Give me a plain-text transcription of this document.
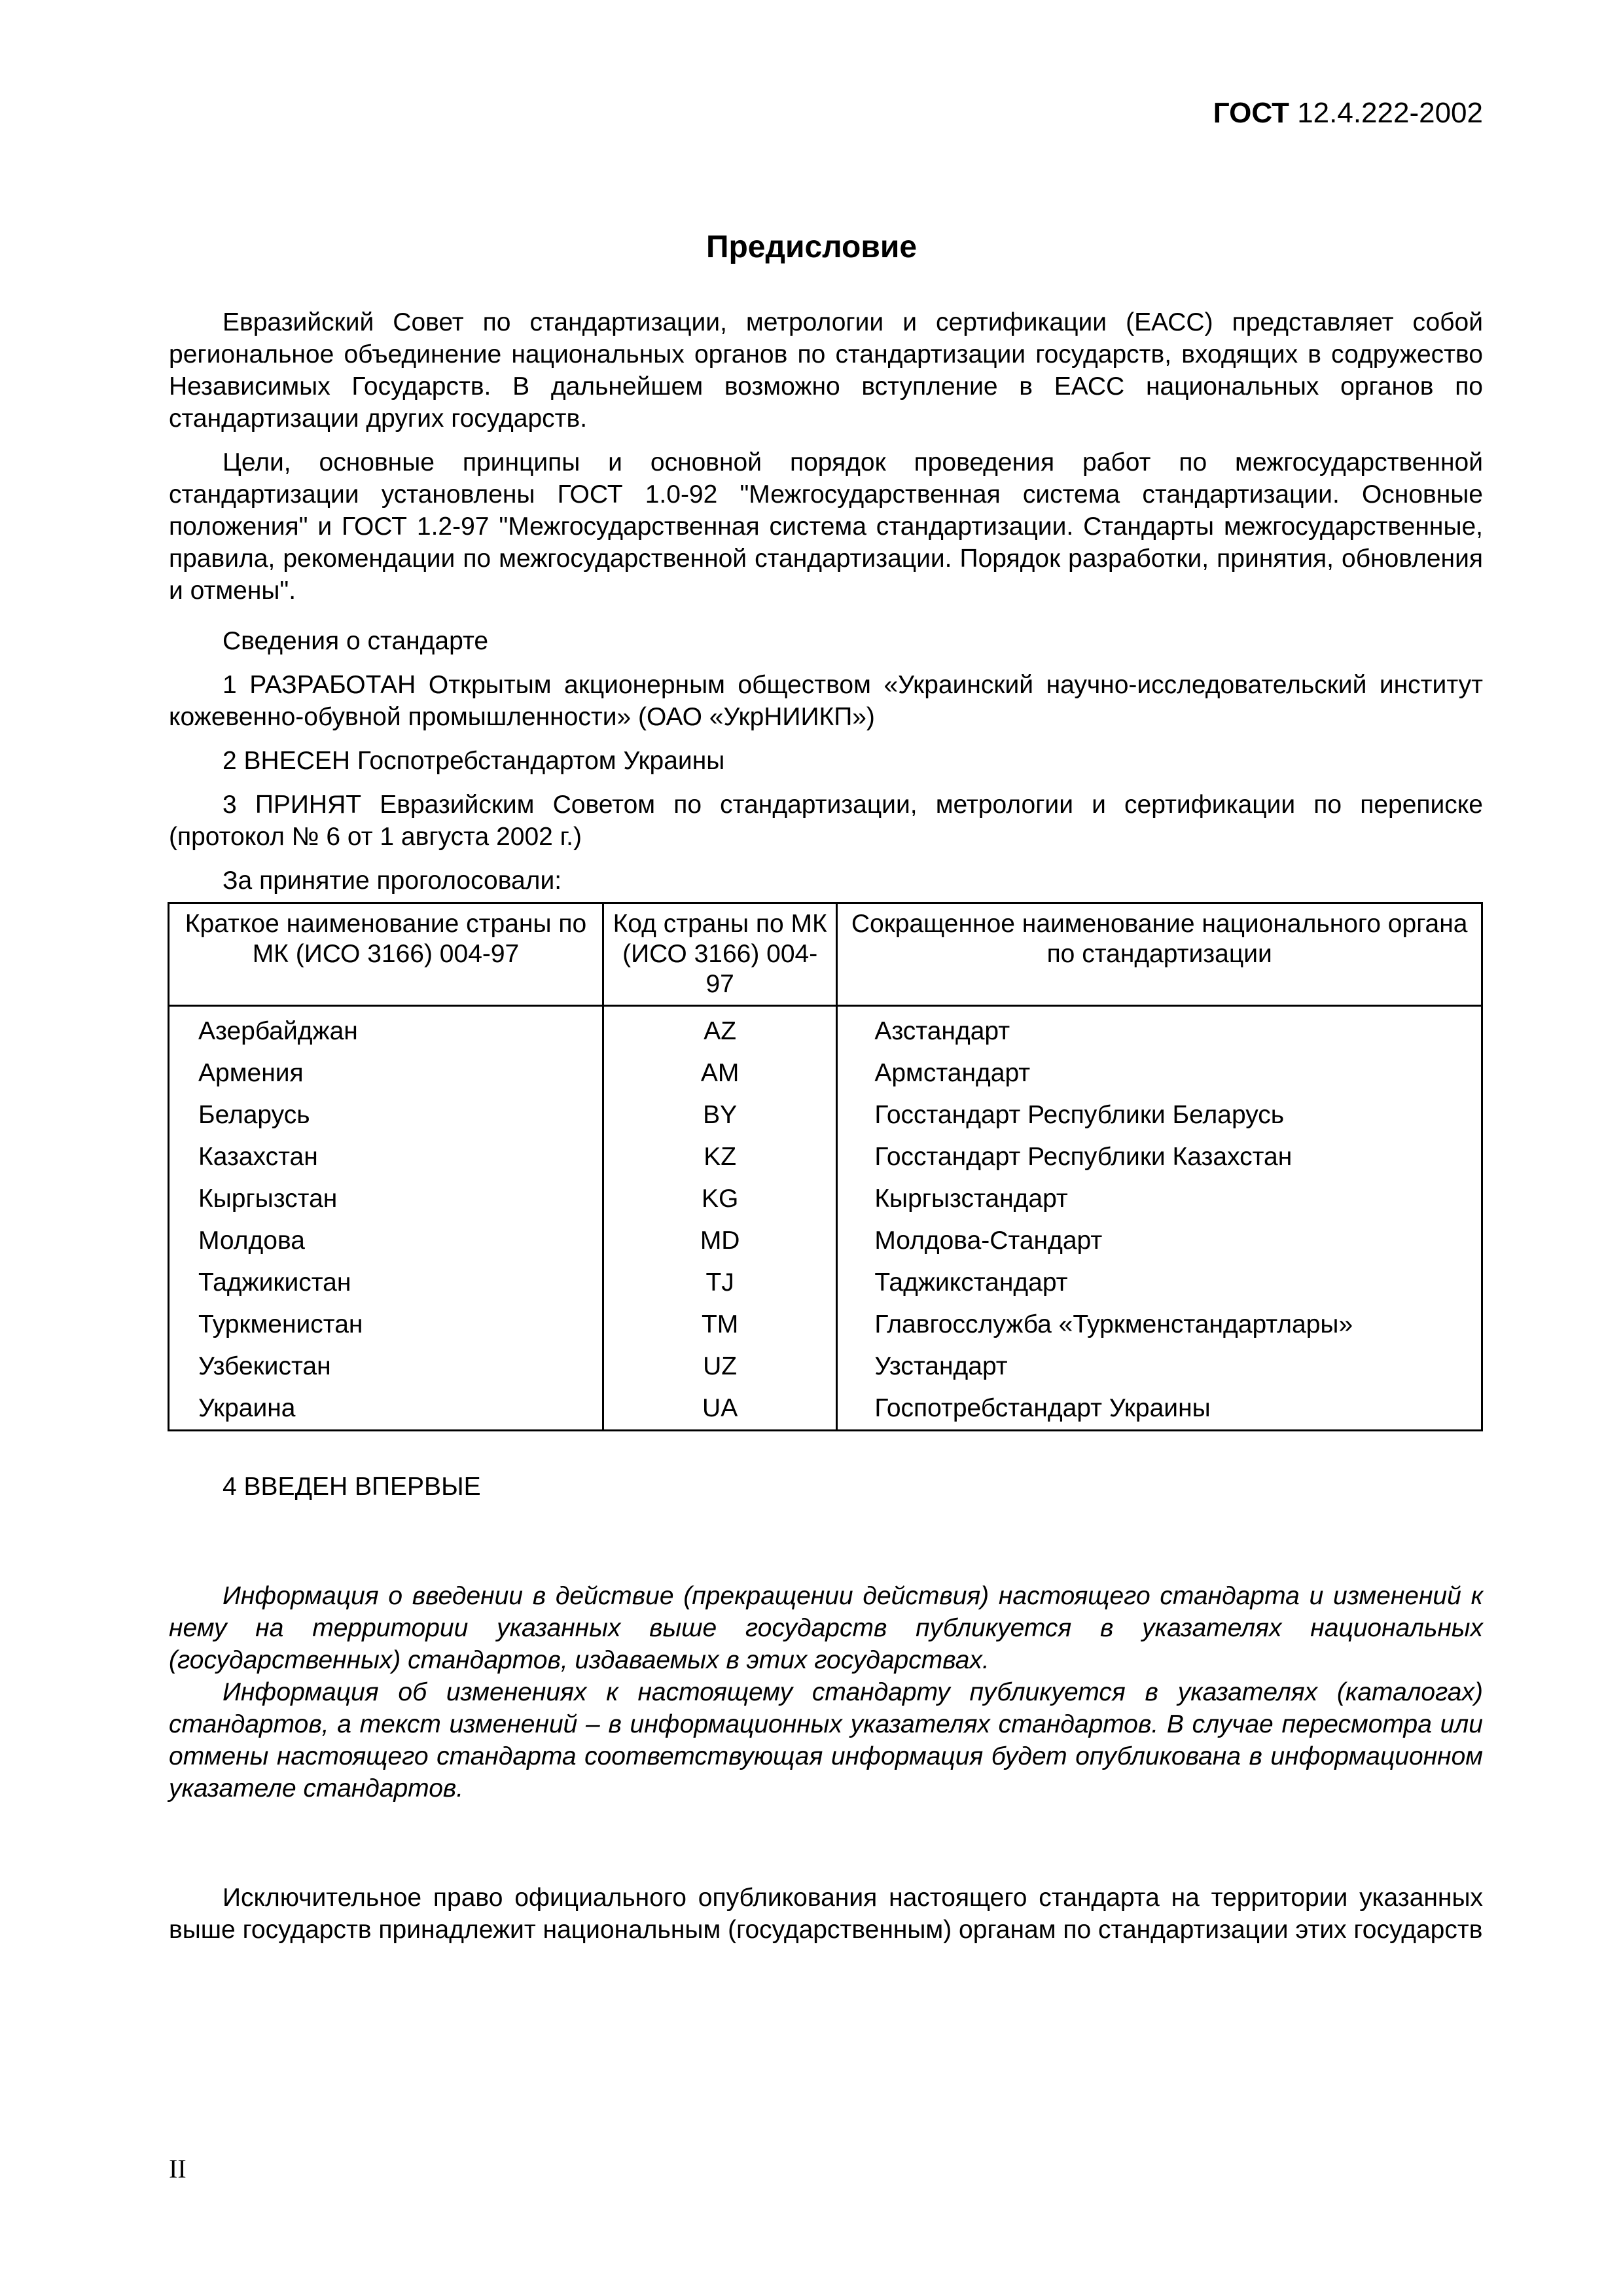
ГОСТ 12.4.222-2002
Предисловие

Евразийский Совет по стандартизации, метрологии и сертификации (ЕАСС) представляет собой региональное объединение национальных органов по стандартизации государств, входящих в содружество Независимых Государств. В дальнейшем возможно вступление в ЕАСС национальных органов по стандартизации других государств.

Цели, основные принципы и основной порядок проведения работ по межгосударственной стандартизации установлены ГОСТ 1.0-92 "Межгосударственная система стандартизации. Основные положения" и ГОСТ 1.2-97 "Межгосударственная система стандартизации. Стандарты межгосударственные, правила, рекомендации по межгосударственной стандартизации. Порядок разработки, принятия, обновления и отмены".

Сведения о стандарте

1 РАЗРАБОТАН Открытым акционерным обществом «Украинский научно-исследовательский институт кожевенно-обувной промышленности» (ОАО «УкрНИИКП»)

2 ВНЕСЕН Госпотребстандартом Украины

3 ПРИНЯТ Евразийским Советом по стандартизации, метрологии и сертификации по переписке (протокол № 6 от 1 августа 2002 г.)

За принятие проголосовали:

Краткое наименование страны по МК (ИСО 3166) 004-97	Код страны по МК (ИСО 3166) 004-97	Сокращенное наименование национального органа по стандартизации
Азербайджан	AZ	Азстандарт
Армения	AM	Армстандарт
Беларусь	BY	Госстандарт Республики Беларусь
Казахстан	KZ	Госстандарт Республики Казахстан
Кыргызстан	KG	Кыргызстандарт
Молдова	MD	Молдова-Стандарт
Таджикистан	TJ	Таджикстандарт
Туркменистан	TM	Главгосслужба «Туркменстандартлары»
Узбекистан	UZ	Узстандарт
Украина	UA	Госпотребстандарт Украины

4 ВВЕДЕН ВПЕРВЫЕ

Информация о введении в действие (прекращении действия) настоящего стандарта и изменений к нему на территории указанных выше государств публикуется в указателях национальных (государственных) стандартов, издаваемых в этих государствах.

Информация об изменениях к настоящему стандарту публикуется в указателях (каталогах) стандартов, а текст изменений – в информационных указателях стандартов. В случае пересмотра или отмены настоящего стандарта соответствующая информация будет опубликована в информационном указателе стандартов.

Исключительное право официального опубликования настоящего стандарта на территории указанных выше государств принадлежит национальным (государственным) органам по стандартизации этих государств

II
